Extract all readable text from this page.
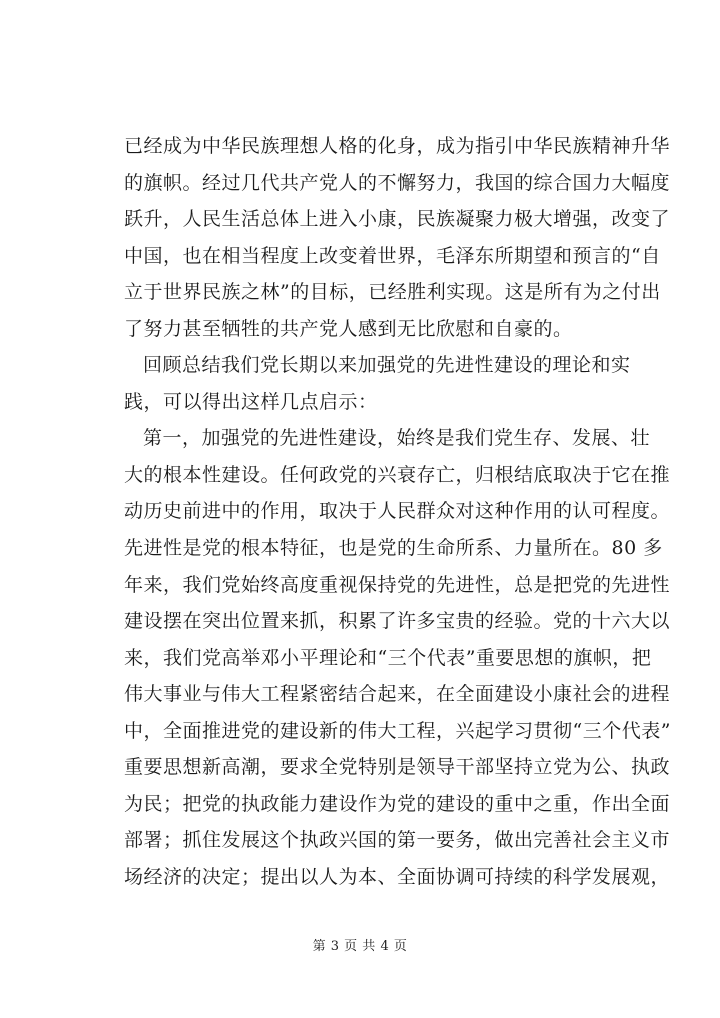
已经成为中华民族理想人格的化身，成为指引中华民族精神升华
的旗帜。经过几代共产党人的不懈努力，我国的综合国力大幅度
跃升，人民生活总体上进入小康，民族凝聚力极大增强，改变了
中国，也在相当程度上改变着世界，毛泽东所期望和预言的“自
立于世界民族之林”的目标，已经胜利实现。这是所有为之付出
了努力甚至牺牲的共产党人感到无比欣慰和自豪的。
回顾总结我们党长期以来加强党的先进性建设的理论和实
践，可以得出这样几点启示：
第一，加强党的先进性建设，始终是我们党生存、发展、壮
大的根本性建设。任何政党的兴衰存亡，归根结底取决于它在推
动历史前进中的作用，取决于人民群众对这种作用的认可程度。
先进性是党的根本特征，也是党的生命所系、力量所在。80 多
年来，我们党始终高度重视保持党的先进性，总是把党的先进性
建设摆在突出位置来抓，积累了许多宝贵的经验。党的十六大以
来，我们党高举邓小平理论和“三个代表”重要思想的旗帜，把
伟大事业与伟大工程紧密结合起来，在全面建设小康社会的进程
中，全面推进党的建设新的伟大工程，兴起学习贯彻“三个代表”
重要思想新高潮，要求全党特别是领导干部坚持立党为公、执政
为民；把党的执政能力建设作为党的建设的重中之重，作出全面
部署；抓住发展这个执政兴国的第一要务，做出完善社会主义市
场经济的决定；提出以人为本、全面协调可持续的科学发展观，
第 3 页 共 4 页
